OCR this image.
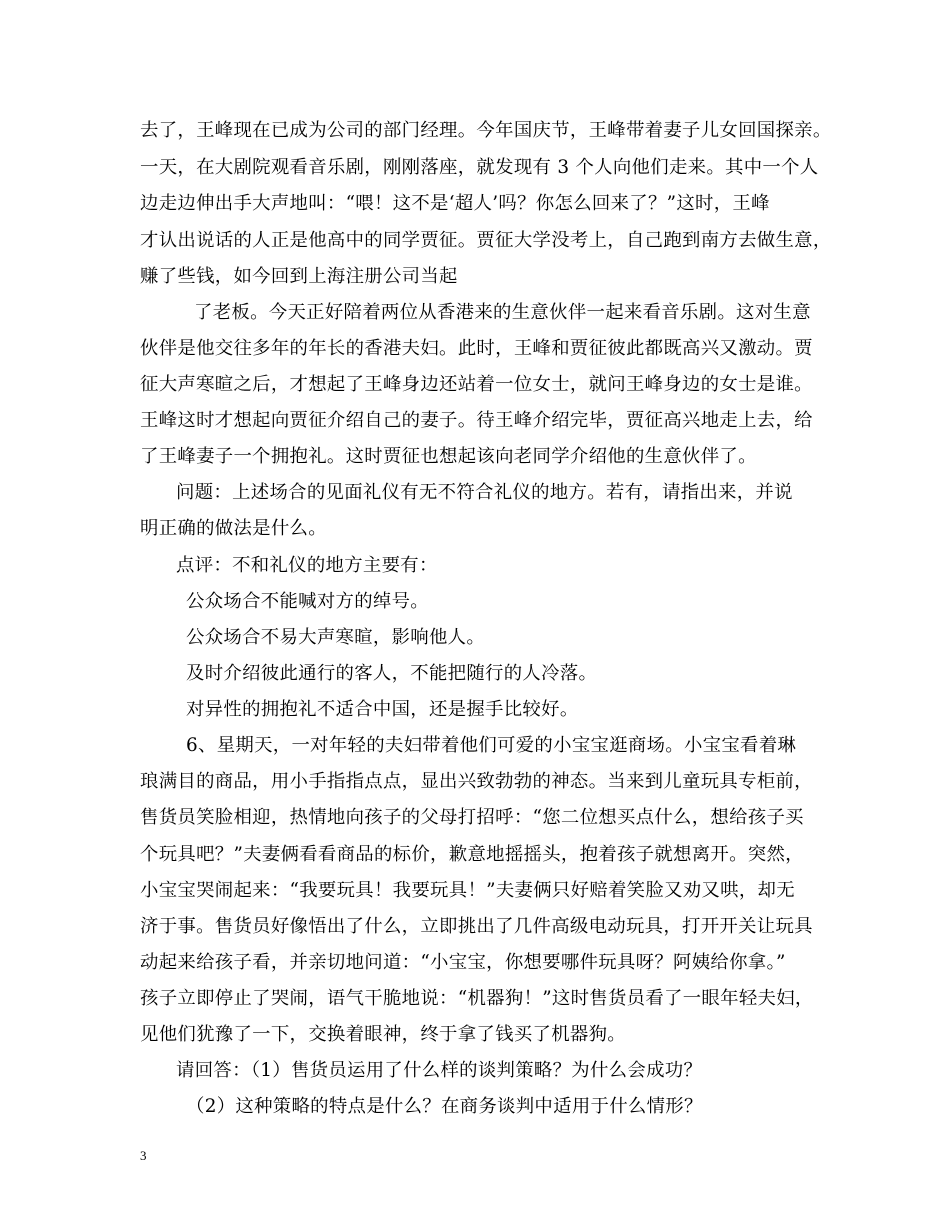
去了，王峰现在已成为公司的部门经理。今年国庆节，王峰带着妻子儿女回国探亲。
一天，在大剧院观看音乐剧，刚刚落座，就发现有 3 个人向他们走来。其中一个人
边走边伸出手大声地叫：“喂！这不是‘超人’吗？你怎么回来了？”这时，王峰
才认出说话的人正是他高中的同学贾征。贾征大学没考上，自己跑到南方去做生意，
赚了些钱，如今回到上海注册公司当起
了老板。今天正好陪着两位从香港来的生意伙伴一起来看音乐剧。这对生意
伙伴是他交往多年的年长的香港夫妇。此时，王峰和贾征彼此都既高兴又激动。贾
征大声寒暄之后，才想起了王峰身边还站着一位女士，就问王峰身边的女士是谁。
王峰这时才想起向贾征介绍自己的妻子。待王峰介绍完毕，贾征高兴地走上去，给
了王峰妻子一个拥抱礼。这时贾征也想起该向老同学介绍他的生意伙伴了。
问题：上述场合的见面礼仪有无不符合礼仪的地方。若有，请指出来，并说
明正确的做法是什么。
点评：不和礼仪的地方主要有：
公众场合不能喊对方的绰号。
公众场合不易大声寒暄，影响他人。
及时介绍彼此通行的客人，不能把随行的人冷落。
对异性的拥抱礼不适合中国，还是握手比较好。
6、星期天，一对年轻的夫妇带着他们可爱的小宝宝逛商场。小宝宝看着琳
琅满目的商品，用小手指指点点，显出兴致勃勃的神态。当来到儿童玩具专柜前，
售货员笑脸相迎，热情地向孩子的父母打招呼：“您二位想买点什么，想给孩子买
个玩具吧？”夫妻俩看看商品的标价，歉意地摇摇头，抱着孩子就想离开。突然，
小宝宝哭闹起来：“我要玩具！我要玩具！”夫妻俩只好赔着笑脸又劝又哄，却无
济于事。售货员好像悟出了什么，立即挑出了几件高级电动玩具，打开开关让玩具
动起来给孩子看，并亲切地问道：“小宝宝，你想要哪件玩具呀？阿姨给你拿。”
孩子立即停止了哭闹，语气干脆地说：“机器狗！”这时售货员看了一眼年轻夫妇，
见他们犹豫了一下，交换着眼神，终于拿了钱买了机器狗。
请回答：（1）售货员运用了什么样的谈判策略？为什么会成功？
（2）这种策略的特点是什么？在商务谈判中适用于什么情形？
3
